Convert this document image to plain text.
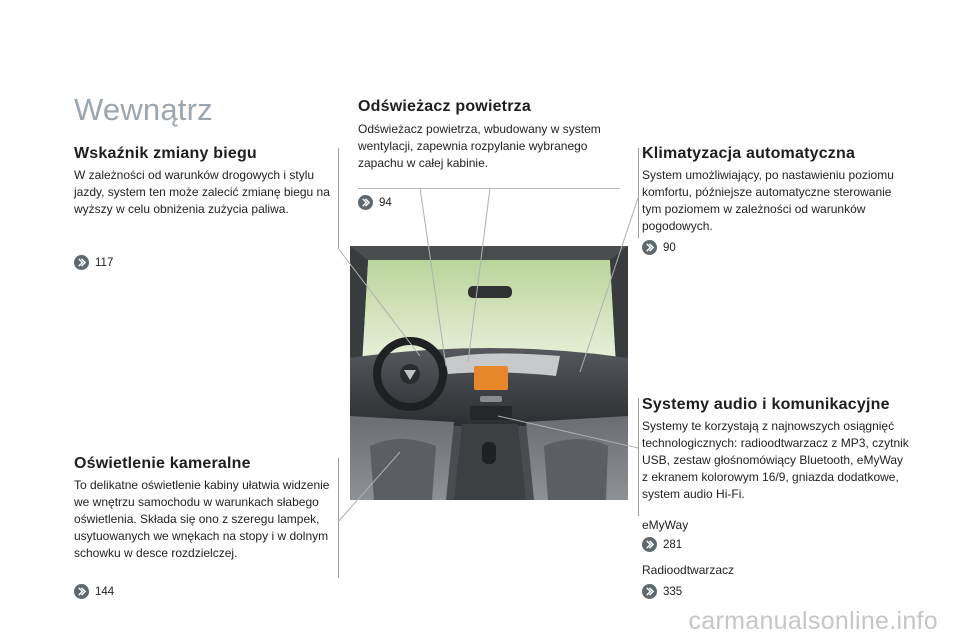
Wewnątrz
Wskaźnik zmiany biegu

W zależności od warunków drogowych i stylu jazdy, system ten może zalecić zmianę biegu na wyższy w celu obniżenia zużycia paliwa.

117
Oświetlenie kameralne

To delikatne oświetlenie kabiny ułatwia widzenie we wnętrzu samochodu w warunkach słabego oświetlenia. Składa się ono z szeregu lampek, usytuowanych we wnękach na stopy i w dolnym schowku w desce rozdzielczej.

144
Odświeżacz powietrza

Odświeżacz powietrza, wbudowany w system wentylacji, zapewnia rozpylanie wybranego zapachu w całej kabinie.

94
Klimatyzacja automatyczna

System umożliwiający, po nastawieniu poziomu komfortu, późniejsze automatyczne sterowanie tym poziomem w zależności od warunków pogodowych.

90
Systemy audio i komunikacyjne

Systemy te korzystają z najnowszych osiągnięć technologicznych: radioodtwarzacz z MP3, czytnik USB, zestaw głośnomówiący Bluetooth, eMyWay z ekranem kolorowym 16/9, gniazda dodatkowe, system audio Hi-Fi.

eMyWay

281

Radioodtwarzacz

335
carmanualsonline.info
